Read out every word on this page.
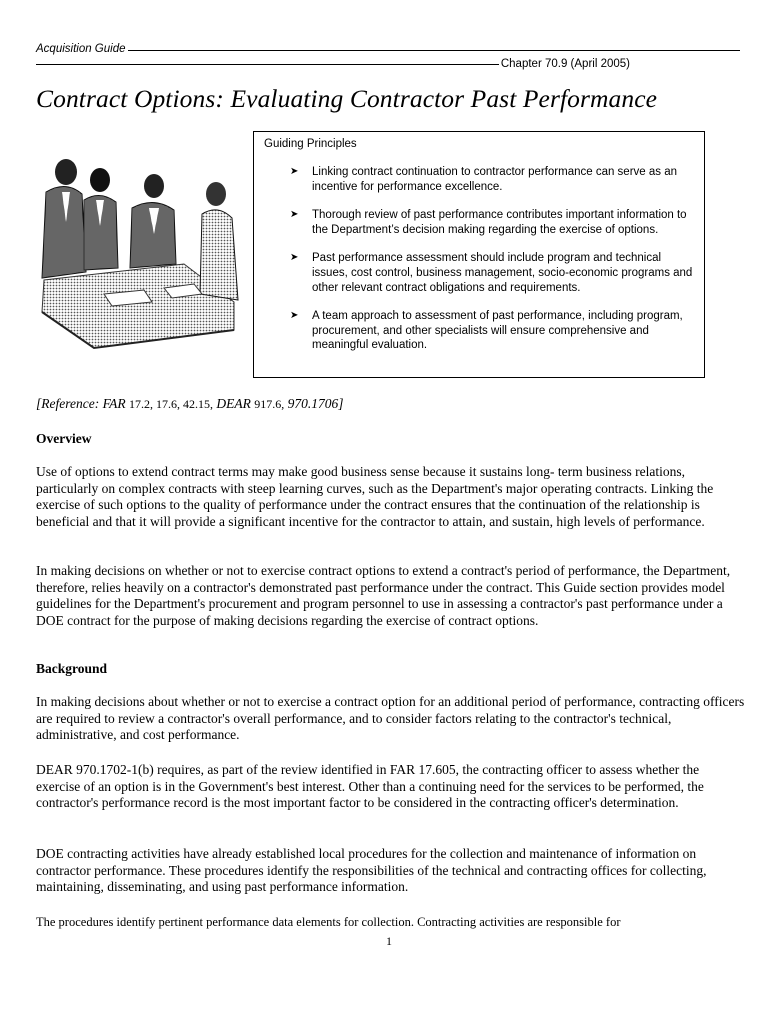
Acquisition Guide
Chapter 70.9 (April 2005)
Contract Options: Evaluating Contractor Past Performance
Guiding Principles
➤ Linking contract continuation to contractor performance can serve as an incentive for performance excellence.
➤ Thorough review of past performance contributes important information to the Department’s decision making regarding the exercise of options.
➤ Past performance assessment should include program and technical issues, cost control, business management, socio-economic programs and other relevant contract obligations and requirements.
➤ A team approach to assessment of past performance, including program, procurement, and other specialists will ensure comprehensive and meaningful evaluation.
[Reference: FAR 17.2, 17.6, 42.15, DEAR 917.6, 970.1706]
Overview
Use of options to extend contract terms may make good business sense because it sustains long- term business relations, particularly on complex contracts with steep learning curves, such as the Department's major operating contracts. Linking the exercise of such options to the quality of performance under the contract ensures that the continuation of the relationship is beneficial and that it will provide a significant incentive for the contractor to attain, and sustain, high levels of performance.
In making decisions on whether or not to exercise contract options to extend a contract's period of performance, the Department, therefore, relies heavily on a contractor's demonstrated past performance under the contract. This Guide section provides model guidelines for the Department's procurement and program personnel to use in assessing a contractor's past performance under a DOE contract for the purpose of making decisions regarding the exercise of contract options.
Background
In making decisions about whether or not to exercise a contract option for an additional period of performance, contracting officers are required to review a contractor's overall performance, and to consider factors relating to the contractor's technical, administrative, and cost performance.
DEAR 970.1702-1(b) requires, as part of the review identified in FAR 17.605, the contracting officer to assess whether the exercise of an option is in the Government's best interest. Other than a continuing need for the services to be performed, the contractor's performance record is the most important factor to be considered in the contracting officer's determination.
DOE contracting activities have already established local procedures for the collection and maintenance of information on contractor performance. These procedures identify the responsibilities of the technical and contracting offices for collecting, maintaining, disseminating, and using past performance information.
The procedures identify pertinent performance data elements for collection. Contracting activities are responsible for
1
